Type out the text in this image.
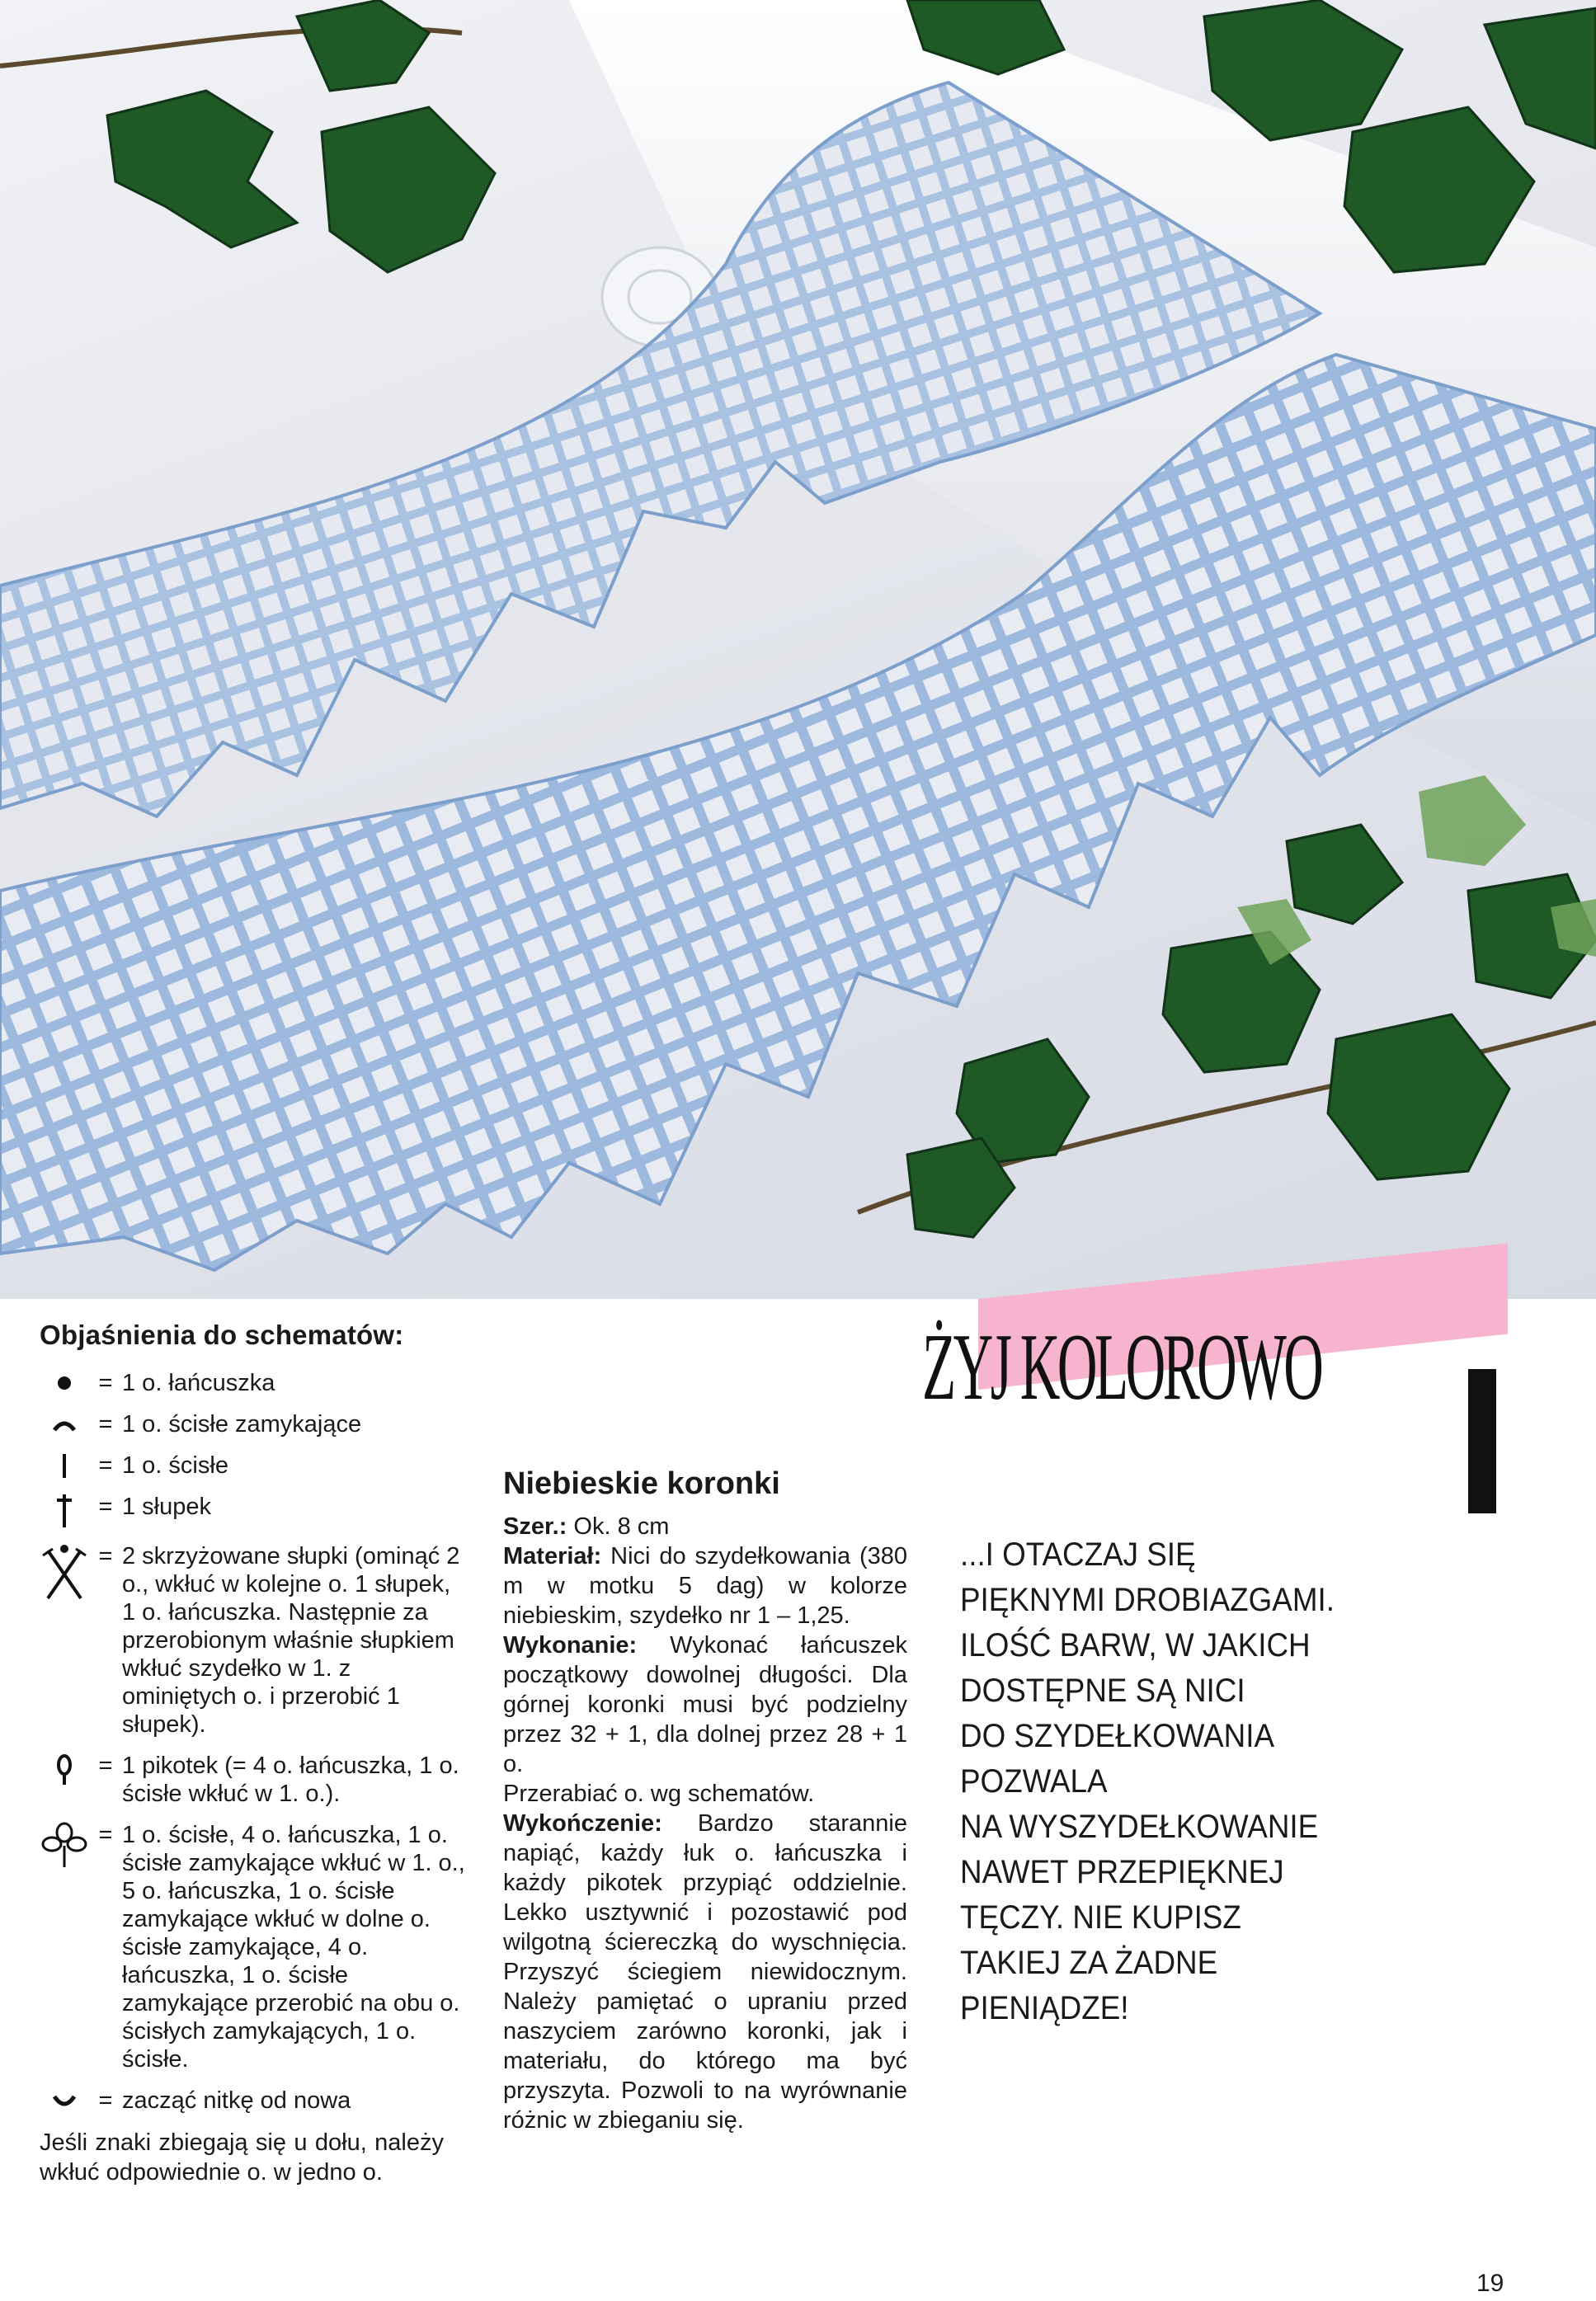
Objaśnienia do schematów:
= 1 o. łańcuszka
= 1 o. ścisłe zamykające
= 1 o. ścisłe
= 1 słupek
= 2 skrzyżowane słupki (ominąć 2 o., wkłuć w kolejne o. 1 słupek, 1 o. łańcuszka. Następnie za przerobionym właśnie słupkiem wkłuć szydełko w 1. z ominiętych o. i przerobić 1 słupek).
= 1 pikotek (= 4 o. łańcuszka, 1 o. ścisłe wkłuć w 1. o.).
= 1 o. ścisłe, 4 o. łańcuszka, 1 o. ścisłe zamykające wkłuć w 1. o., 5 o. łańcuszka, 1 o. ścisłe zamykające wkłuć w dolne o. ścisłe zamykające, 4 o. łańcuszka, 1 o. ścisłe zamykające przerobić na obu o. ścisłych zamykających, 1 o. ścisłe.
= zacząć nitkę od nowa
Jeśli znaki zbiegają się u dołu, należy wkłuć odpowiednie o. w jedno o.
Niebieskie koronki

Szer.: Ok. 8 cm

Materiał: Nici do szydełkowania (380 m w motku 5 dag) w kolorze niebieskim, szydełko nr 1 – 1,25.

Wykonanie: Wykonać łańcuszek początkowy dowolnej długości. Dla górnej koronki musi być podzielny przez 32 + 1, dla dolnej przez 28 + 1 o.

Przerabiać o. wg schematów.

Wykończenie: Bardzo starannie napiąć, każdy łuk o. łańcuszka i każdy pikotek przypiąć oddzielnie. Lekko usztywnić i pozostawić pod wilgotną ściereczką do wyschnięcia. Przyszyć ściegiem niewidocznym. Należy pamiętać o upraniu przed naszyciem zarówno koronki, jak i materiału, do którego ma być przyszyta. Pozwoli to na wyrównanie różnic w zbieganiu się.

ŻYJ KOLOROWO
...I OTACZAJ SIĘ
PIĘKNYMI DROBIAZGAMI.
ILOŚĆ BARW, W JAKICH
DOSTĘPNE SĄ NICI
DO SZYDEŁKOWANIA
POZWALA
NA WYSZYDEŁKOWANIE
NAWET PRZEPIĘKNEJ
TĘCZY. NIE KUPISZ
TAKIEJ ZA ŻADNE
PIENIĄDZE!
19
